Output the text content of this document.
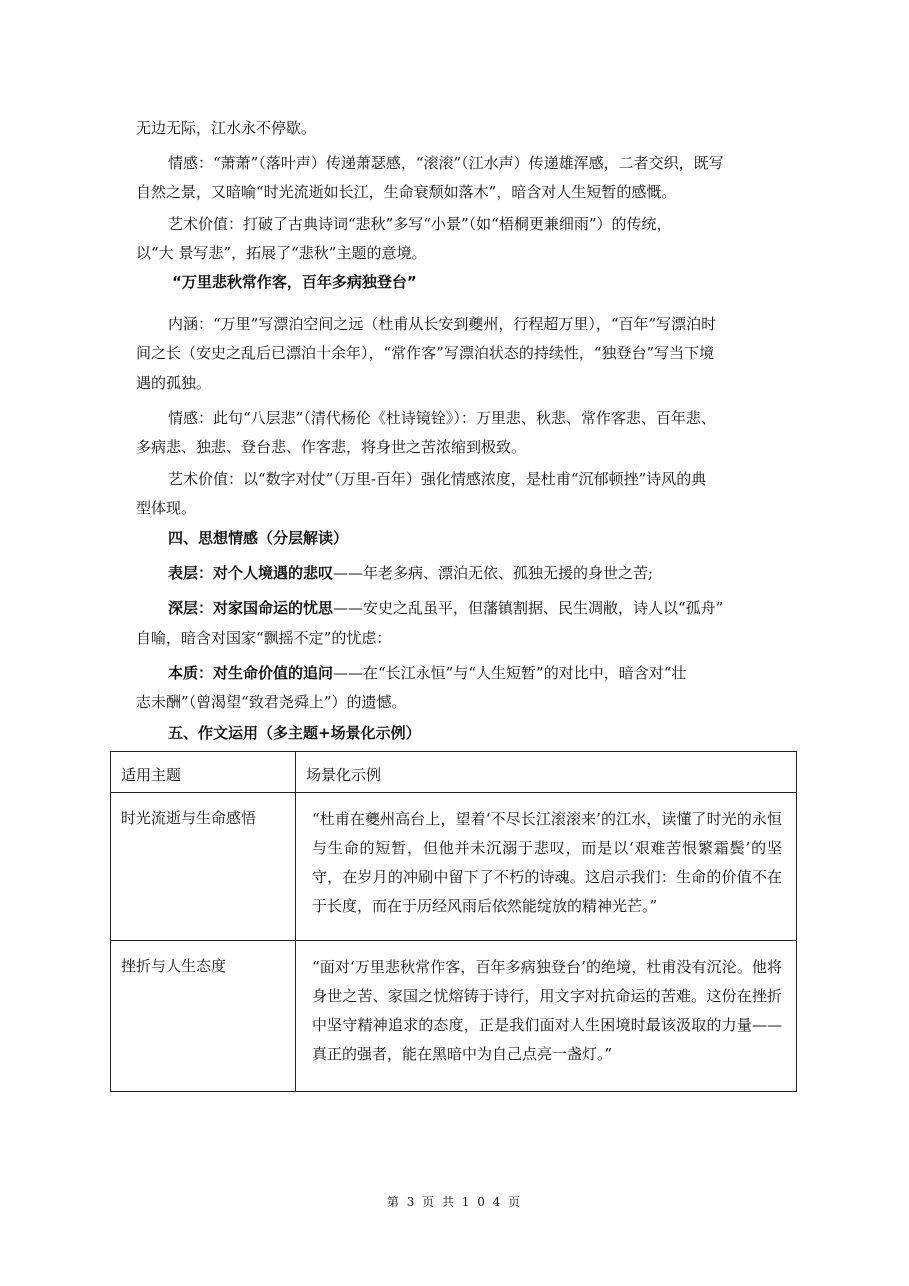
无边无际，江水永不停歇。
情感：“萧萧”（落叶声）传递萧瑟感，“滚滚”（江水声）传递雄浑感，二者交织，既写
自然之景，又暗喻“时光流逝如长江，生命衰颓如落木”，暗含对人生短暂的感慨。
艺术价值：打破了古典诗词“悲秋”多写“小景”（如“梧桐更兼细雨”）的传统，
以“大 景写悲”，拓展了“悲秋”主题的意境。
“万里悲秋常作客，百年多病独登台”
内涵：“万里”写漂泊空间之远（杜甫从长安到夔州，行程超万里），“百年”写漂泊时
间之长（安史之乱后已漂泊十余年），“常作客”写漂泊状态的持续性，“独登台”写当下境
遇的孤独。
情感：此句“八层悲”（清代杨伦《杜诗镜铨》）：万里悲、秋悲、常作客悲、百年悲、
多病悲、独悲、登台悲、作客悲，将身世之苦浓缩到极致。
艺术价值：以“数字对仗”（万里-百年）强化情感浓度，是杜甫“沉郁顿挫”诗风的典
型体现。
四、思想情感（分层解读）
表层：对个人境遇的悲叹——年老多病、漂泊无依、孤独无援的身世之苦;
深层：对家国命运的忧思——安史之乱虽平，但藩镇割据、民生凋敝，诗人以“孤舟”
自喻，暗含对国家“飘摇不定”的忧虑：
本质：对生命价值的追问——在“长江永恒”与“人生短暂”的对比中，暗含对“壮
志未酬”（曾渴望“致君尧舜上”）的遗憾。
五、作文运用（多主题+场景化示例）
适用主题	场景化示例

时光流逝与生命感悟	“杜甫在夔州高台上，望着‘不尽长江滚滚来’的江水，读懂了时光的永恒与生命的短暂，但他并未沉溺于悲叹，而是以‘艰难苦恨繁霜鬓’的坚守，在岁月的冲刷中留下了不朽的诗魂。这启示我们：生命的价值不在于长度，而在于历经风雨后依然能绽放的精神光芒。”

挫折与人生态度	“面对‘万里悲秋常作客，百年多病独登台’的绝境，杜甫没有沉沦。他将身世之苦、家国之忧熔铸于诗行，用文字对抗命运的苦难。这份在挫折中坚守精神追求的态度，正是我们面对人生困境时最该汲取的力量——真正的强者，能在黑暗中为自己点亮一盏灯。”
第 3 页 共 1 0 4 页
